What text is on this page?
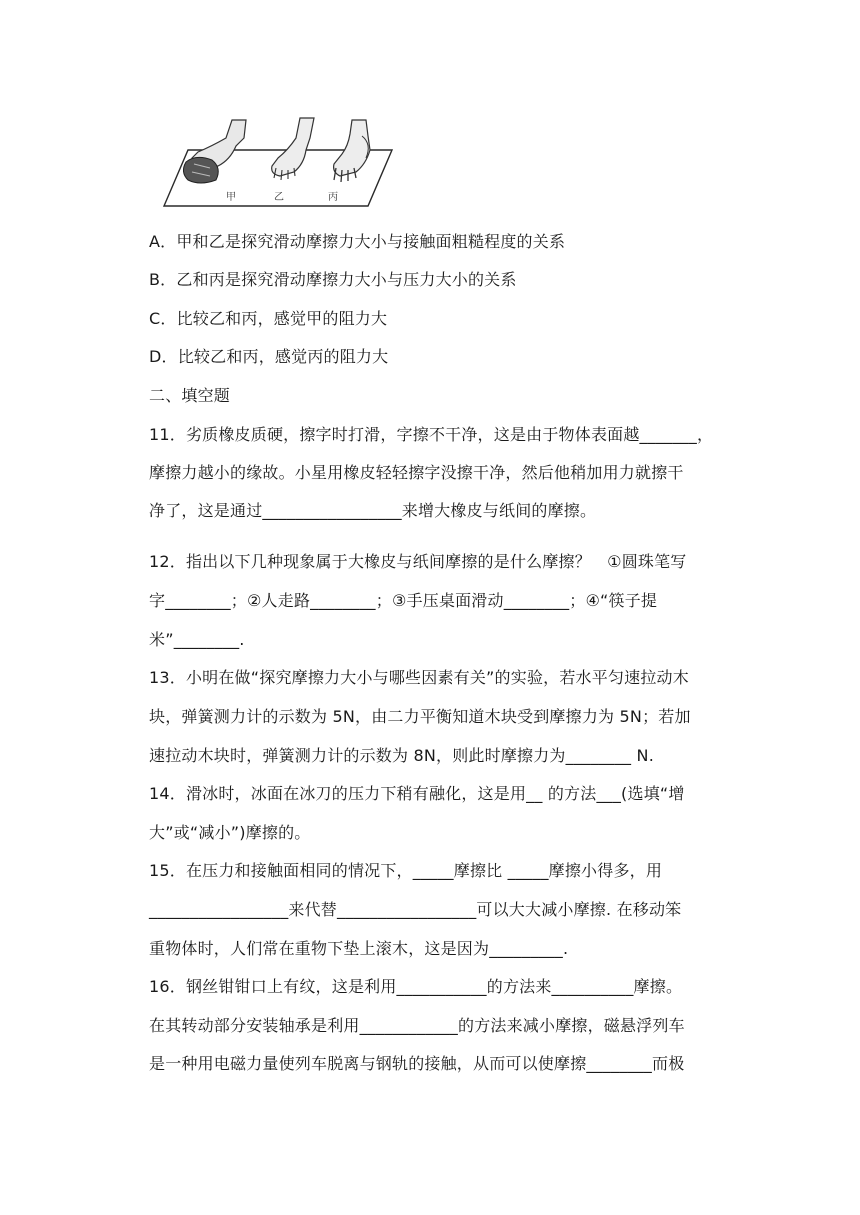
甲	乙	丙
A．甲和乙是探究滑动摩擦力大小与接触面粗糙程度的关系
B．乙和丙是探究滑动摩擦力大小与压力大小的关系
C．比较乙和丙，感觉甲的阻力大
D．比较乙和丙，感觉丙的阻力大
二、填空题
11．劣质橡皮质硬，擦字时打滑，字擦不干净，这是由于物体表面越_______，
摩擦力越小的缘故。小星用橡皮轻轻擦字没擦干净，然后他稍加用力就擦干
净了，这是通过_________________来增大橡皮与纸间的摩擦。
12．指出以下几种现象属于大橡皮与纸间摩擦的是什么摩擦？　①圆珠笔写
字________；②人走路________；③手压桌面滑动________；④“筷子提
米”________.
13．小明在做“探究摩擦力大小与哪些因素有关”的实验，若水平匀速拉动木
块，弹簧测力计的示数为 5N，由二力平衡知道木块受到摩擦力为 5N；若加
速拉动木块时，弹簧测力计的示数为 8N，则此时摩擦力为________ N.
14．滑冰时，冰面在冰刀的压力下稍有融化，这是用__ 的方法___(选填“增
大”或“减小”)摩擦的。
15．在压力和接触面相同的情况下，_____摩擦比 _____摩擦小得多，用
_________________来代替_________________可以大大减小摩擦. 在移动笨
重物体时，人们常在重物下垫上滚木，这是因为_________.
16．钢丝钳钳口上有纹，这是利用___________的方法来__________摩擦。
在其转动部分安装轴承是利用____________的方法来减小摩擦，磁悬浮列车
是一种用电磁力量使列车脱离与钢轨的接触，从而可以使摩擦________而极
